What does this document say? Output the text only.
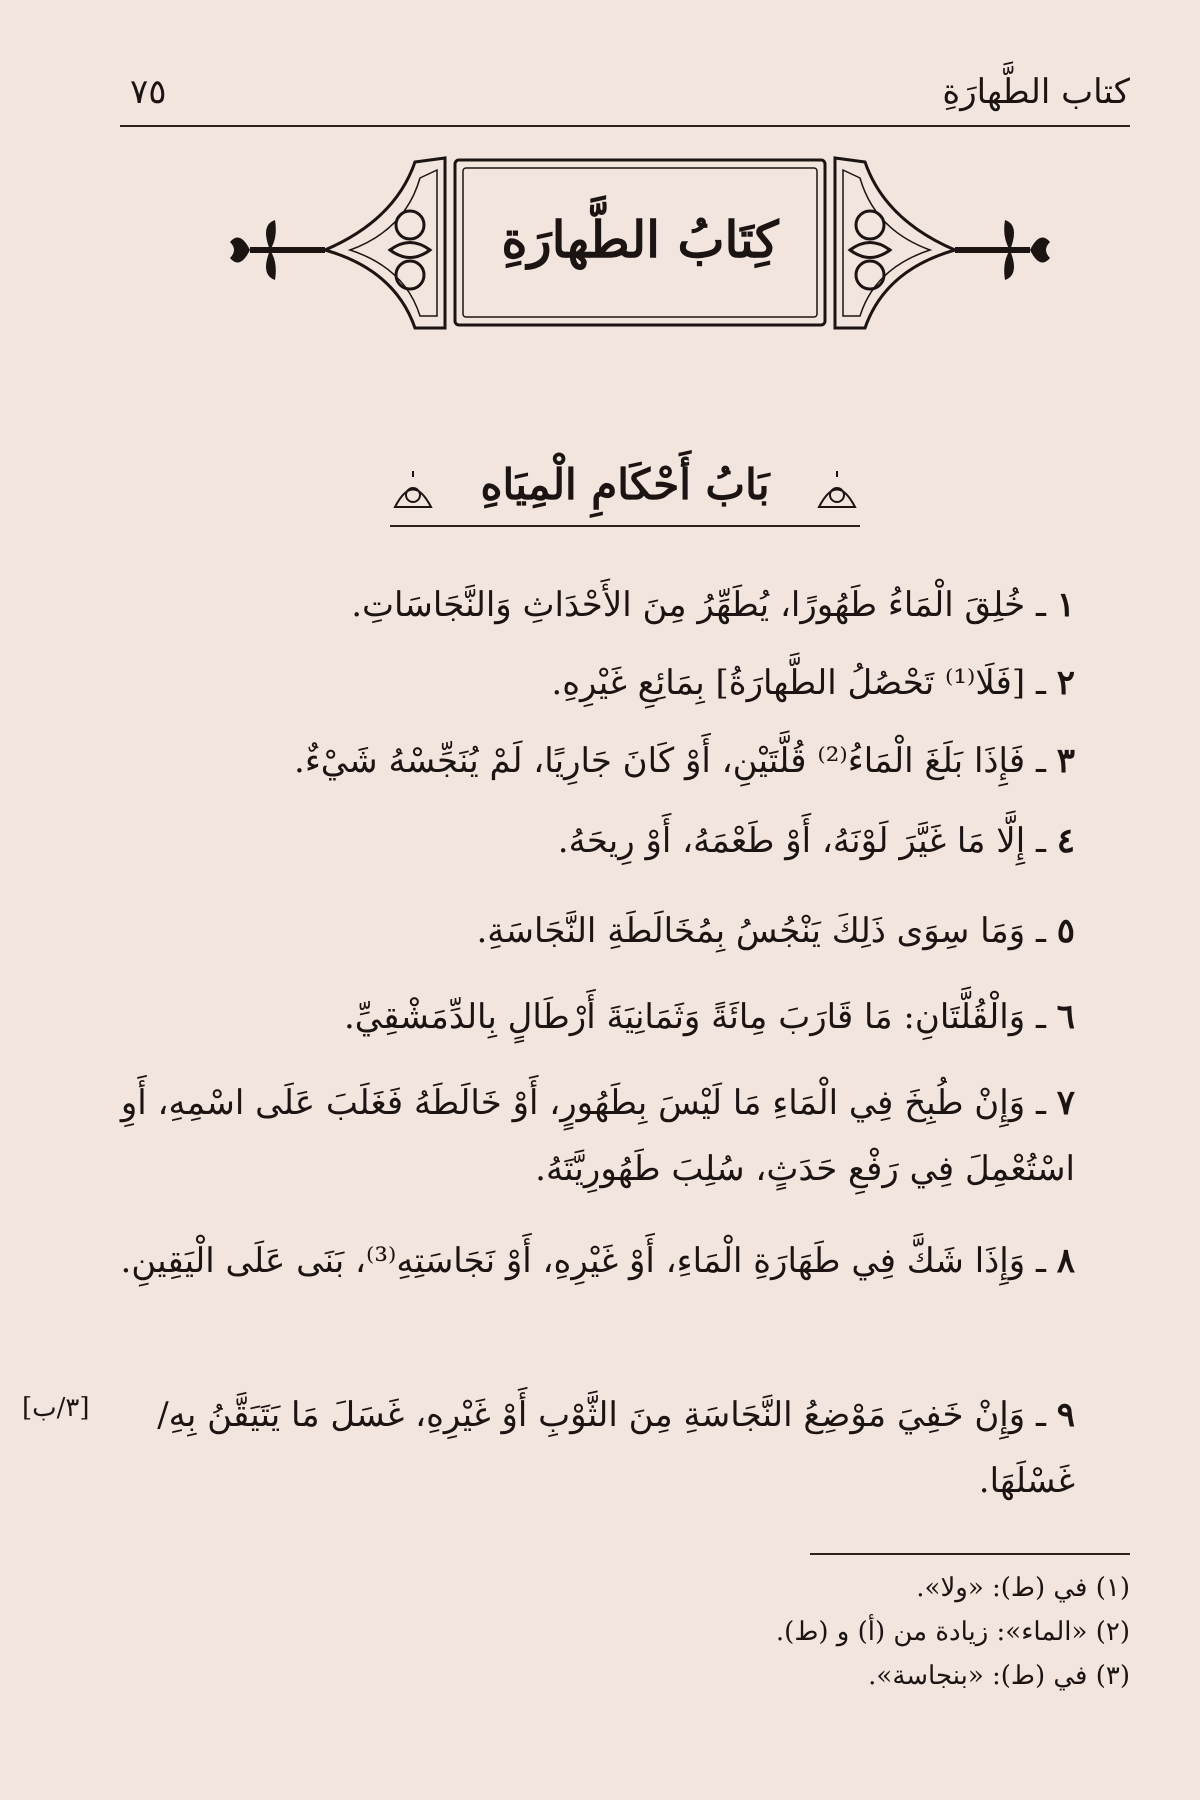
كتاب الطَّهارَةِ
٧٥
كِتَابُ الطَّهارَةِ
بَابُ أَحْكَامِ الْمِيَاهِ
١ ـ خُلِقَ الْمَاءُ طَهُورًا، يُطَهِّرُ مِنَ الأَحْدَاثِ وَالنَّجَاسَاتِ.
٢ ـ [فَلَا⁽¹⁾ تَحْصُلُ الطَّهارَةُ] بِمَائِعِ غَيْرِهِ.
٣ ـ فَإِذَا بَلَغَ الْمَاءُ⁽²⁾ قُلَّتَيْنِ، أَوْ كَانَ جَارِيًا، لَمْ يُنَجِّسْهُ شَيْءٌ.
٤ ـ إِلَّا مَا غَيَّرَ لَوْنَهُ، أَوْ طَعْمَهُ، أَوْ رِيحَهُ.
٥ ـ وَمَا سِوَى ذَلِكَ يَنْجُسُ بِمُخَالَطَةِ النَّجَاسَةِ.
٦ ـ وَالْقُلَّتَانِ: مَا قَارَبَ مِائَةً وَثَمَانِيَةَ أَرْطَالٍ بِالدِّمَشْقِيِّ.
٧ ـ وَإِنْ طُبِخَ فِي الْمَاءِ مَا لَيْسَ بِطَهُورٍ، أَوْ خَالَطَهُ فَغَلَبَ عَلَى اسْمِهِ، أَوِ اسْتُعْمِلَ فِي رَفْعِ حَدَثٍ، سُلِبَ طَهُورِيَّتَهُ.
٨ ـ وَإِذَا شَكَّ فِي طَهَارَةِ الْمَاءِ، أَوْ غَيْرِهِ، أَوْ نَجَاسَتِهِ⁽³⁾، بَنَى عَلَى الْيَقِينِ.
٩ ـ وَإِنْ خَفِيَ مَوْضِعُ النَّجَاسَةِ مِنَ الثَّوْبِ أَوْ غَيْرِهِ، غَسَلَ مَا يَتَيَقَّنُ بِهِ/ غَسْلَهَا.
[٣/ب]
(١) في (ط): «ولا».
(٢) «الماء»: زيادة من (أ) و (ط).
(٣) في (ط): «بنجاسة».
